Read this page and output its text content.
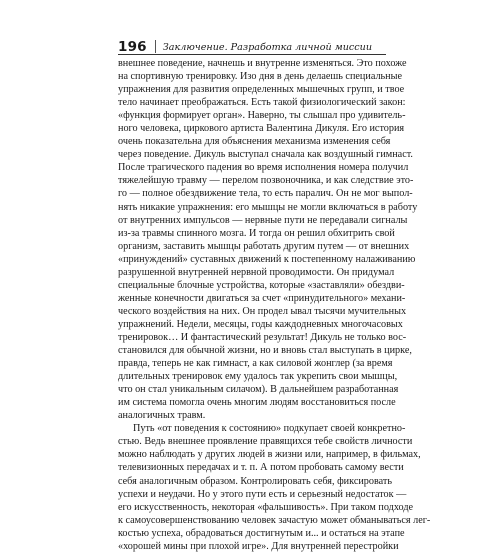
196 Заключение. Разработка личной миссии
внешнее поведение, начнешь и внутренне изменяться. Это похоже
на спортивную тренировку. Изо дня в день делаешь специальные
упражнения для развития определенных мышечных групп, и твое
тело начинает преображаться. Есть такой физиологический закон:
«функция формирует орган». Наверно, ты слышал про удивитель-
ного человека, циркового артиста Валентина Дикуля. Его история
очень показательна для объяснения механизма изменения себя
через поведение. Дикуль выступал сначала как воздушный гимнаст.
После трагического падения во время исполнения номера получил
тяжелейшую травму — перелом позвоночника, и как следствие это-
го — полное обездвижение тела, то есть паралич. Он не мог выпол-
нять никакие упражнения: его мышцы не могли включаться в работу
от внутренних импульсов — нервные пути не передавали сигналы
из-за травмы спинного мозга. И тогда он решил обхитрить свой
организм, заставить мышцы работать другим путем — от внешних
«принуждений» суставных движений к постепенному налаживанию
разрушенной внутренней нервной проводимости. Он придумал
специальные блочные устройства, которые «заставляли» обездви-
женные конечности двигаться за счет «принудительного» механи-
ческого воздействия на них. Он продел ывал тысячи мучительных
упражнений. Недели, месяцы, годы каждодневных многочасовых
тренировок… И фантастический результат! Дикуль не только вос-
становился для обычной жизни, но и вновь стал выступать в цирке,
правда, теперь не как гимнаст, а как силовой жонглер (за время
длительных тренировок ему удалось так укрепить свои мышцы,
что он стал уникальным силачом). В дальнейшем разработанная
им система помогла очень многим людям восстановиться после
аналогичных травм.
Путь «от поведения к состоянию» подкупает своей конкретно-
стью. Ведь внешнее проявление правящихся тебе свойств личности
можно наблюдать у других людей в жизни или, например, в фильмах,
телевизионных передачах и т. п. А потом пробовать самому вести
себя аналогичным образом. Контролировать себя, фиксировать
успехи и неудачи. Но у этого пути есть и серьезный недостаток —
его искусственность, некоторая «фальшивость». При таком подходе
к самоусовершенствованию человек зачастую может обманываться лег-
костью успеха, обрадоваться достигнутым и... и остаться на этапе
«хорошей мины при плохой игре». Для внутренней перестройки
